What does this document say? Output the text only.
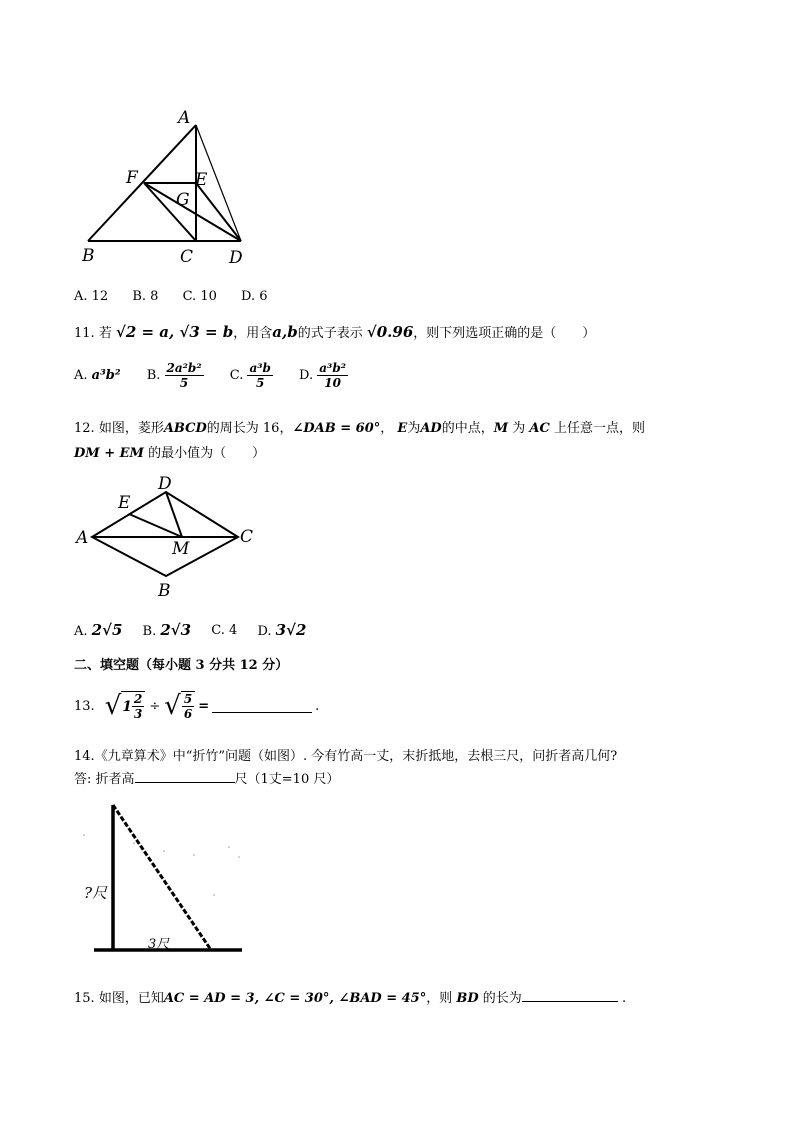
A
B	C D
E
F
G
A. 12 B. 8 C. 10 D. 6
11. 若 √2 = a, √3 = b，用含a,b的式子表示 √0.96，则下列选项正确的是（　　）
A. a³b² B. $\frac{\text{2a²b²}}{5} C$. $\frac{\text{a³b}}{5} D$. $\frac{\text{a³b²}}{10}$
12. 如图，菱形ABCD的周长为 16，∠DAB = 60°， E为AD的中点，M 为 AC 上任意一点，则
DM + EM 的最小值为（　　）
A
B
C
D
E
M
A. 2√5 B. 2√3 C. 4 D. 3√2
二、填空题（每小题 3 分共 12 分）
13. √ $1 \frac{2}{3}$ ÷ √ $\frac{5}{6}$ =	.
14.《九章算术》中“折竹”问题（如图）. 今有竹高一丈，末折抵地，去根三尺，问折者高几何?
答: 折者高	尺（1丈=10 尺）
?尺
3尺
15. 如图，已知AC = AD = 3, ∠C = 30°, ∠BAD = 45°，则 BD 的长为	.
